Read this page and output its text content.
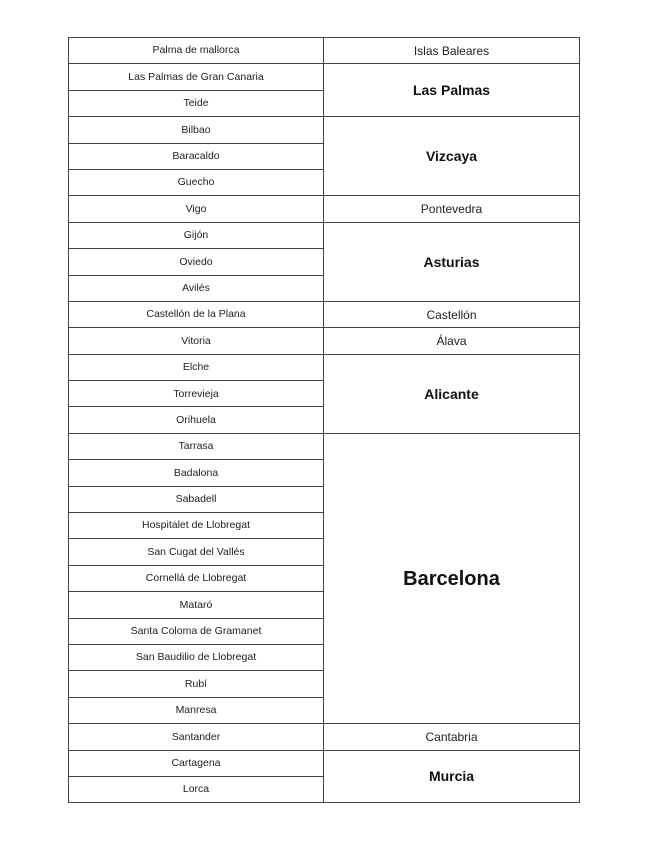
Palma de mallorca	Islas Baleares
Las Palmas de Gran Canaria	Las Palmas
Teide	
Bilbao	Vizcaya
Baracaldo	
Guecho	
Vigo	Pontevedra
Gijón	Asturias
Oviedo	
Avilés	
Castellón de la Plana	Castellón
Vitoria	Álava
Elche	Alicante
Torrevieja	
Orihuela	
Tarrasa	Barcelona
Badalona	
Sabadell	
Hospitalet de Llobregat	
San Cugat del Vallés	
Cornellá de Llobregat	
Mataró	
Santa Coloma de Gramanet	
San Baudilio de Llobregat	
Rubí	
Manresa	
Santander	Cantabria
Cartagena	Murcia
Lorca	
